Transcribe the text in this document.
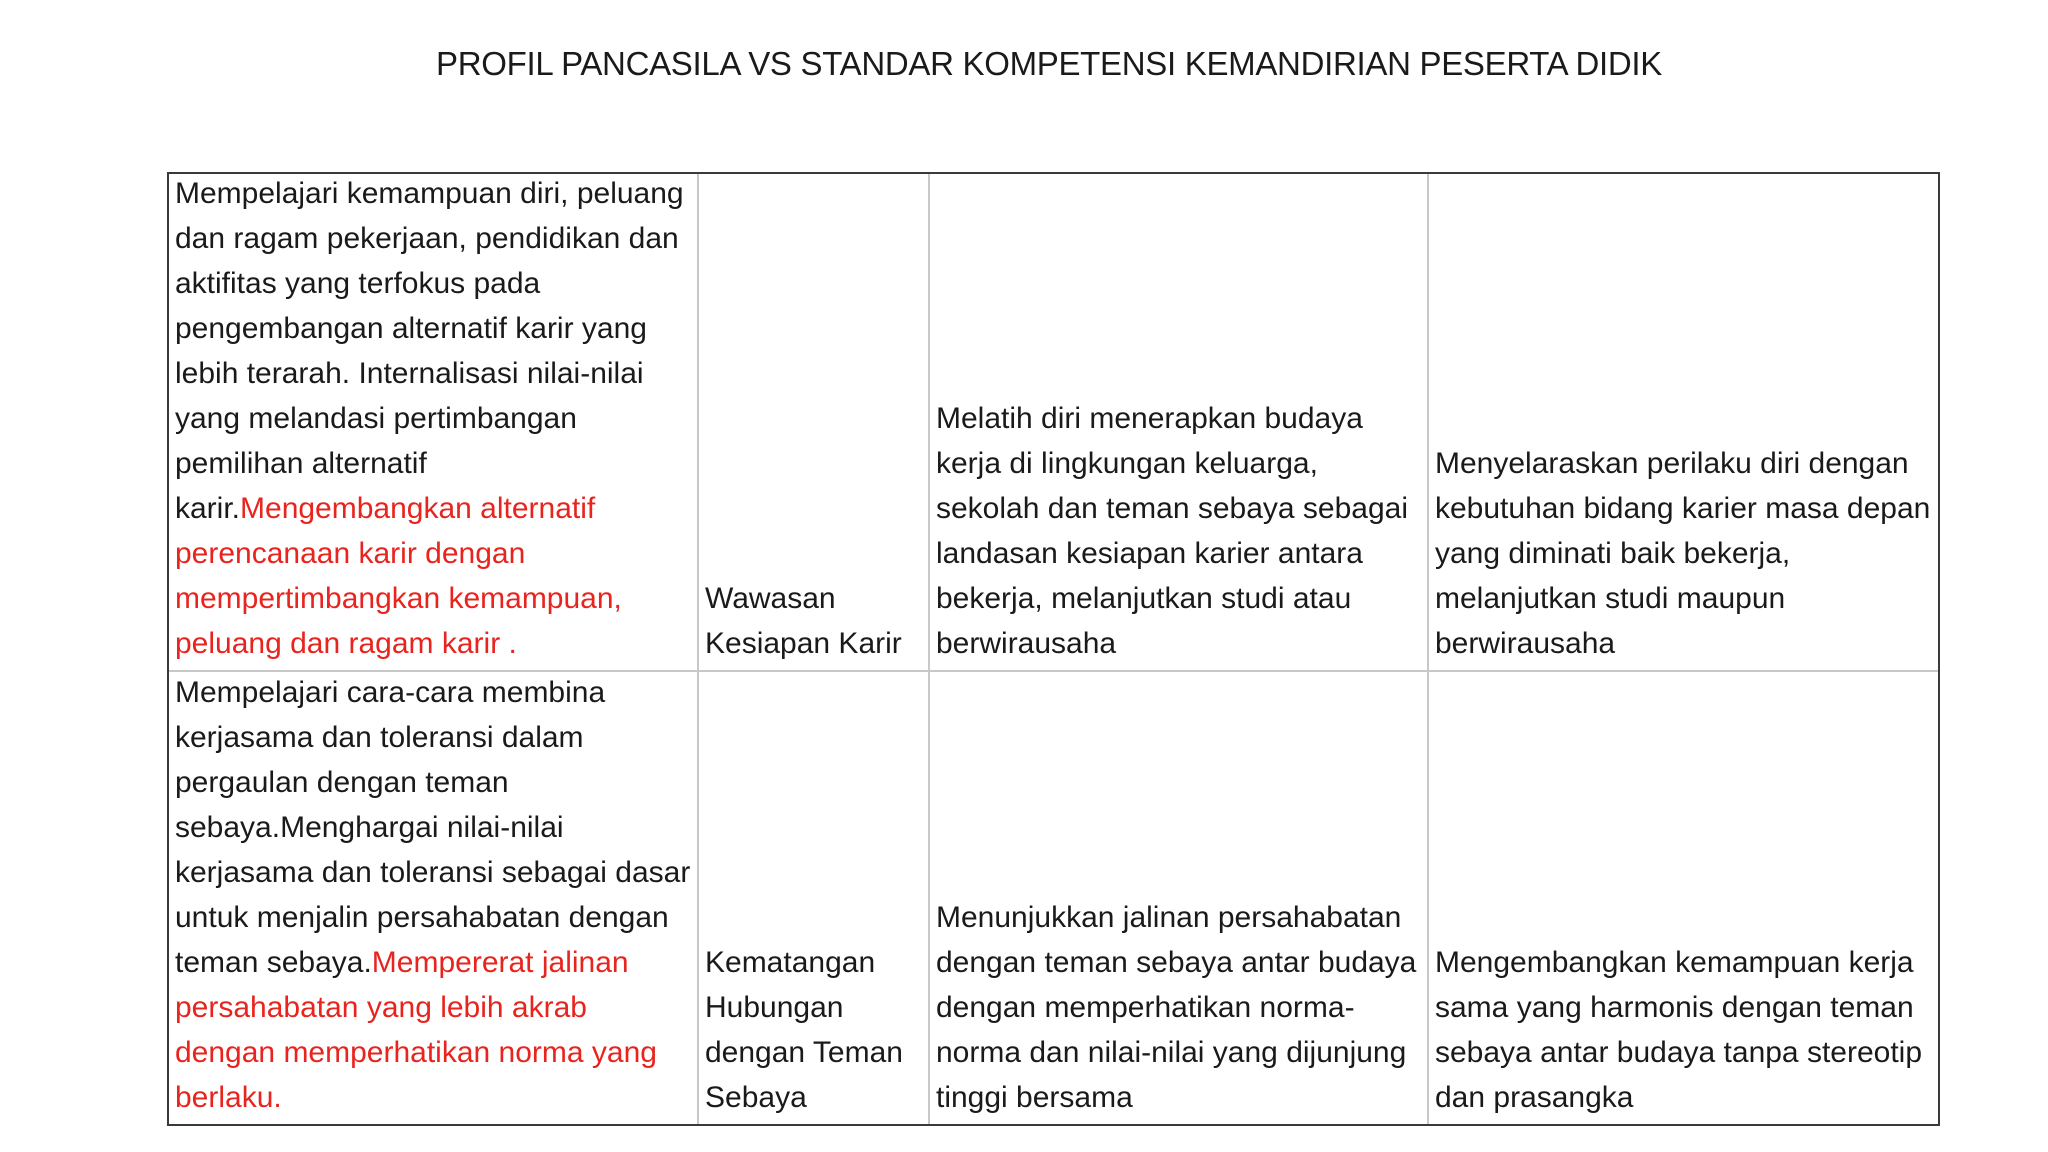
PROFIL PANCASILA VS STANDAR KOMPETENSI KEMANDIRIAN PESERTA DIDIK
Mempelajari kemampuan diri, peluang dan ragam pekerjaan, pendidikan dan aktifitas yang terfokus pada pengembangan alternatif karir yang lebih terarah. Internalisasi nilai-nilai yang melandasi pertimbangan pemilihan alternatif karir.Mengembangkan alternatif perencanaan karir dengan mempertimbangkan kemampuan, peluang dan ragam karir .
Wawasan Kesiapan Karir
Melatih diri menerapkan budaya kerja di lingkungan keluarga, sekolah dan teman sebaya sebagai landasan kesiapan karier antara bekerja, melanjutkan studi atau berwirausaha
Menyelaraskan perilaku diri dengan kebutuhan bidang karier masa depan yang diminati baik bekerja, melanjutkan studi maupun berwirausaha
Mempelajari cara-cara membina kerjasama dan toleransi dalam pergaulan dengan teman sebaya.Menghargai nilai-nilai kerjasama dan toleransi sebagai dasar untuk menjalin persahabatan dengan teman sebaya.Mempererat jalinan persahabatan yang lebih akrab dengan memperhatikan norma yang berlaku.
Kematangan Hubungan dengan Teman Sebaya
Menunjukkan jalinan persahabatan dengan teman sebaya antar budaya dengan memperhatikan norma-norma dan nilai-nilai yang dijunjung tinggi bersama
Mengembangkan kemampuan kerja sama yang harmonis dengan teman sebaya antar budaya tanpa stereotip dan prasangka
